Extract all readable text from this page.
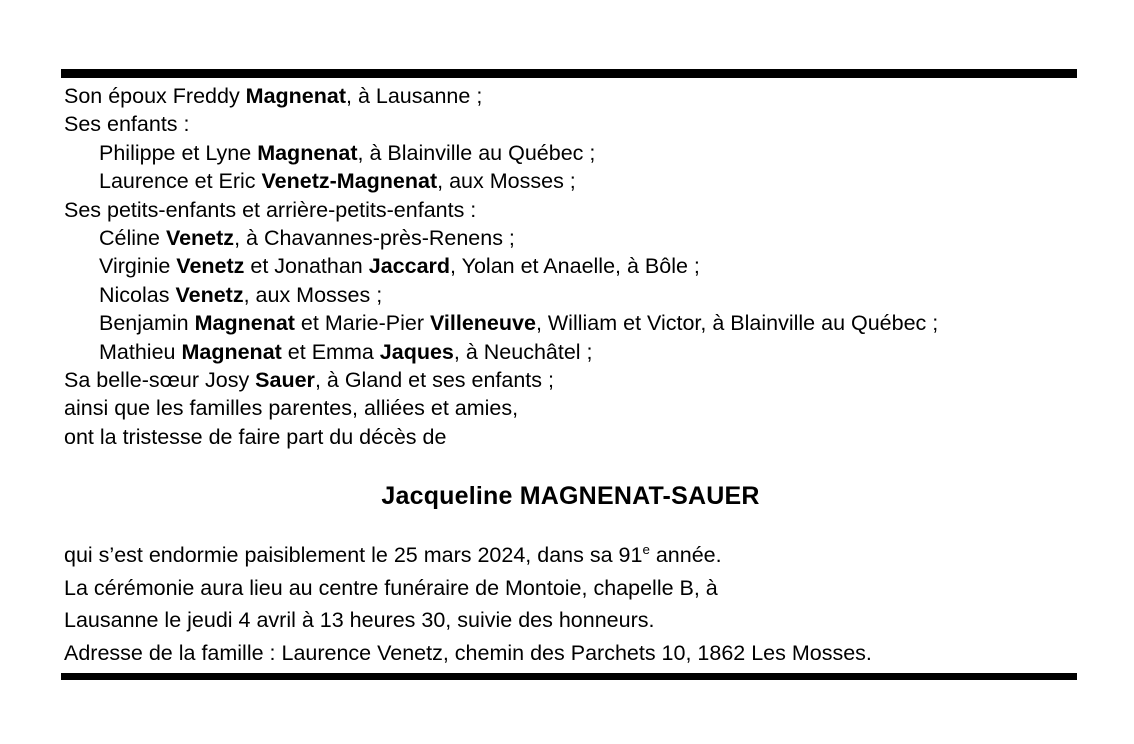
Son époux Freddy Magnenat, à Lausanne ;
Ses enfants :
Philippe et Lyne Magnenat, à Blainville au Québec ;
Laurence et Eric Venetz-Magnenat, aux Mosses ;
Ses petits-enfants et arrière-petits-enfants :
Céline Venetz, à Chavannes-près-Renens ;
Virginie Venetz et Jonathan Jaccard, Yolan et Anaelle, à Bôle ;
Nicolas Venetz, aux Mosses ;
Benjamin Magnenat et Marie-Pier Villeneuve, William et Victor, à Blainville au Québec ;
Mathieu Magnenat et Emma Jaques, à Neuchâtel ;
Sa belle-sœur Josy Sauer, à Gland et ses enfants ;
ainsi que les familles parentes, alliées et amies,
ont la tristesse de faire part du décès de
Jacqueline MAGNENAT-SAUER
qui s’est endormie paisiblement le 25 mars 2024, dans sa 91e année.
La cérémonie aura lieu au centre funéraire de Montoie, chapelle B, à
Lausanne le jeudi 4 avril à 13 heures 30, suivie des honneurs.
Adresse de la famille : Laurence Venetz, chemin des Parchets 10, 1862 Les Mosses.
